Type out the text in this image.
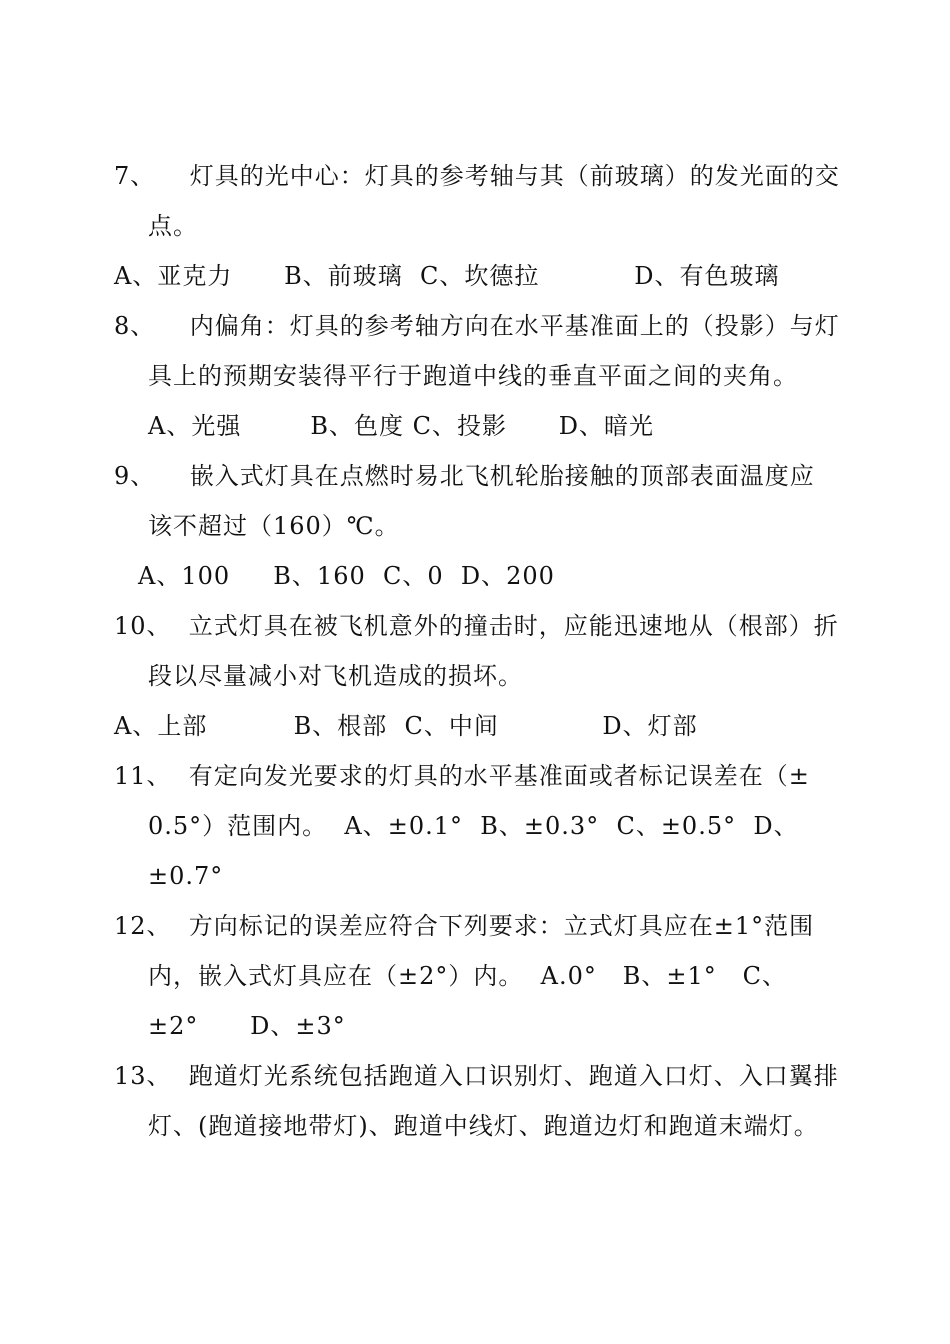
7、    灯具的光中心：灯具的参考轴与其（前玻璃）的发光面的交
点。
A、亚克力      B、前玻璃  C、坎德拉           D、有色玻璃
8、    内偏角：灯具的参考轴方向在水平基准面上的（投影）与灯
具上的预期安装得平行于跑道中线的垂直平面之间的夹角。
A、光强        B、色度 C、投影      D、暗光
9、    嵌入式灯具在点燃时易北飞机轮胎接触的顶部表面温度应
该不超过（160）℃。
A、100     B、160  C、0  D、200
10、  立式灯具在被飞机意外的撞击时，应能迅速地从（根部）折
段以尽量减小对飞机造成的损坏。
A、上部          B、根部  C、中间            D、灯部
11、  有定向发光要求的灯具的水平基准面或者标记误差在（±
0.5°）范围内。  A、±0.1°  B、±0.3°  C、±0.5°  D、
±0.7°
12、  方向标记的误差应符合下列要求：立式灯具应在±1°范围
内，嵌入式灯具应在（±2°）内。  A.0°   B、±1°   C、
±2°      D、±3°
13、  跑道灯光系统包括跑道入口识别灯、跑道入口灯、入口翼排
灯、(跑道接地带灯)、跑道中线灯、跑道边灯和跑道末端灯。
